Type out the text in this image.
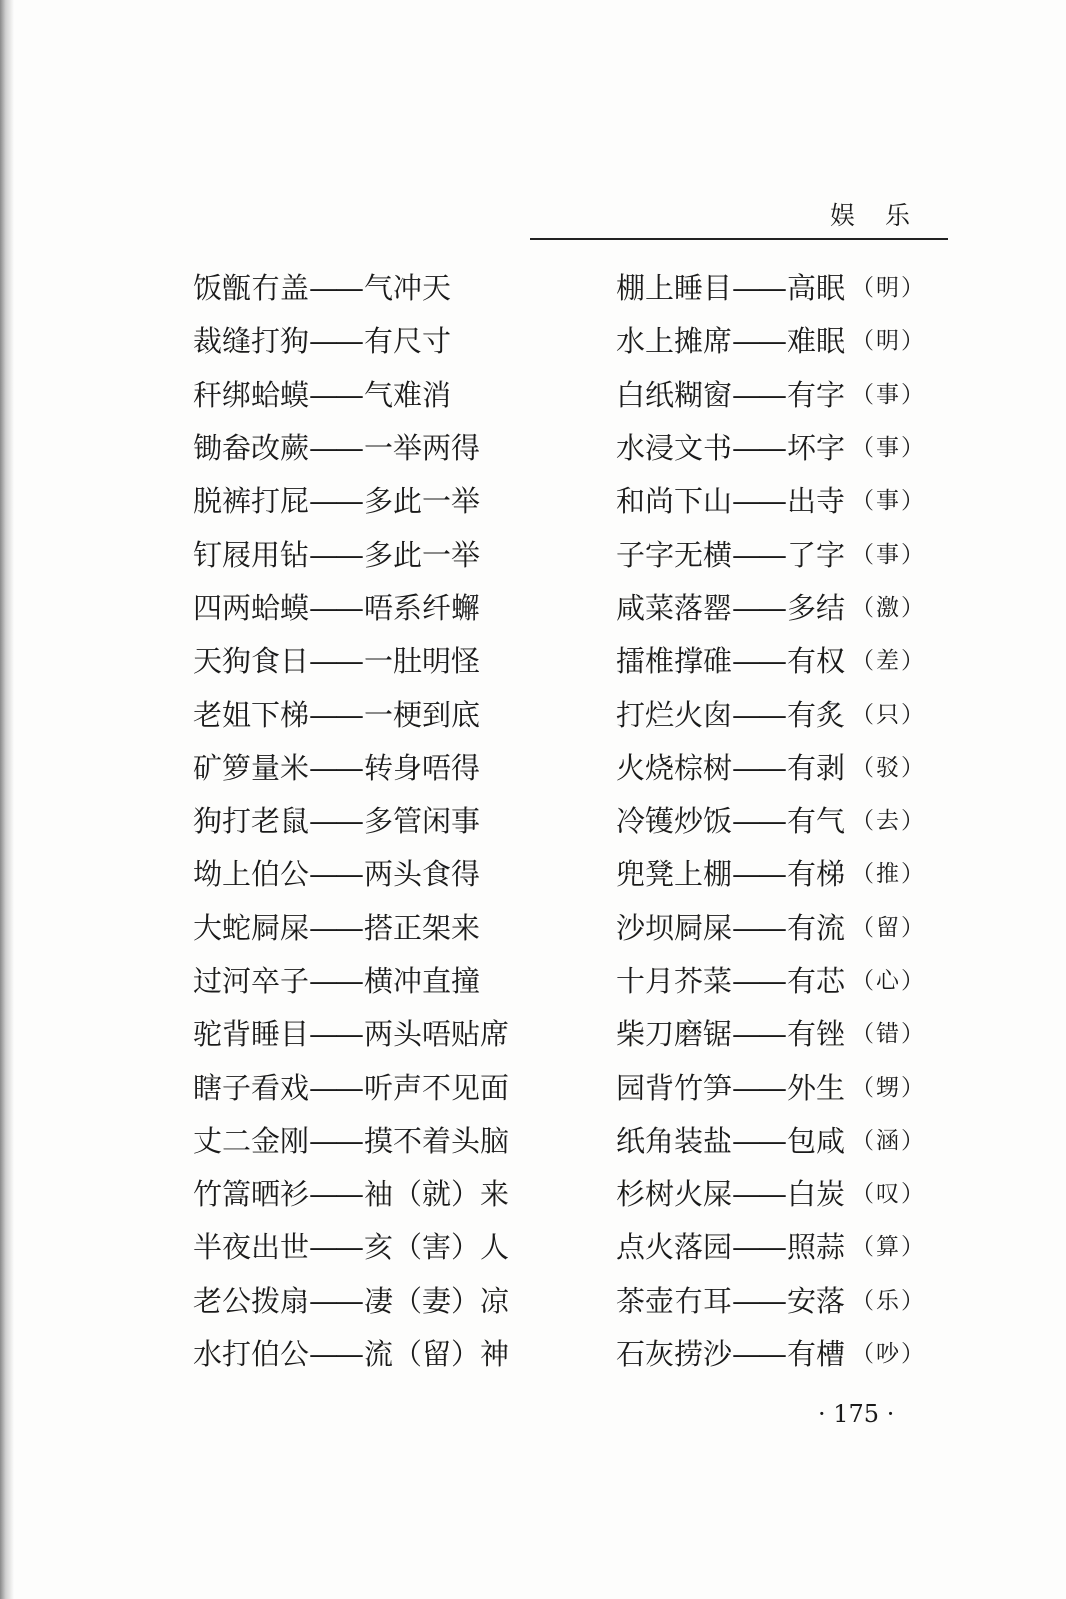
娱乐
饭甑冇盖 —— 气冲天
裁缝打狗 —— 有尺寸
秆绑蛤蟆 —— 气难消
锄畚改蕨 —— 一举两得
脱裤打屁 —— 多此一举
钉屐用钻 —— 多此一举
四两蛤蟆 —— 唔系纤蠏
天狗食日 —— 一肚明怪
老姐下梯 —— 一梗到底
矿箩量米 —— 转身唔得
狗打老鼠 —— 多管闲事
坳上伯公 —— 两头食得
大蛇屙屎 —— 搭正架来
过河卒子 —— 横冲直撞
驼背睡目 —— 两头唔贴席
瞎子看戏 —— 听声不见面
丈二金刚 —— 摸不着头脑
竹篙晒衫 —— 袖（就）来
半夜出世 —— 亥（害）人
老公拨扇 —— 凄（妻）凉
水打伯公 —— 流（留）神
棚上睡目 —— 高眠 （明）
水上摊席 —— 难眠 （明）
白纸糊窗 —— 有字 （事）
水浸文书 —— 坏字 （事）
和尚下山 —— 出寺 （事）
子字无横 —— 了字 （事）
咸菜落罂 —— 多结 （激）
擂椎撑碓 —— 有权 （差）
打烂火囱 —— 有炙 （只）
火烧棕树 —— 有剥 （驳）
冷镬炒饭 —— 有气 （去）
兜凳上棚 —— 有梯 （推）
沙坝屙屎 —— 有流 （留）
十月芥菜 —— 有芯 （心）
柴刀磨锯 —— 有锉 （错）
园背竹笋 —— 外生 （甥）
纸角装盐 —— 包咸 （涵）
杉树火屎 —— 白炭 （叹）
点火落园 —— 照蒜 （算）
茶壶冇耳 —— 安落 （乐）
石灰捞沙 —— 有槽 （吵）
· 175 ·
